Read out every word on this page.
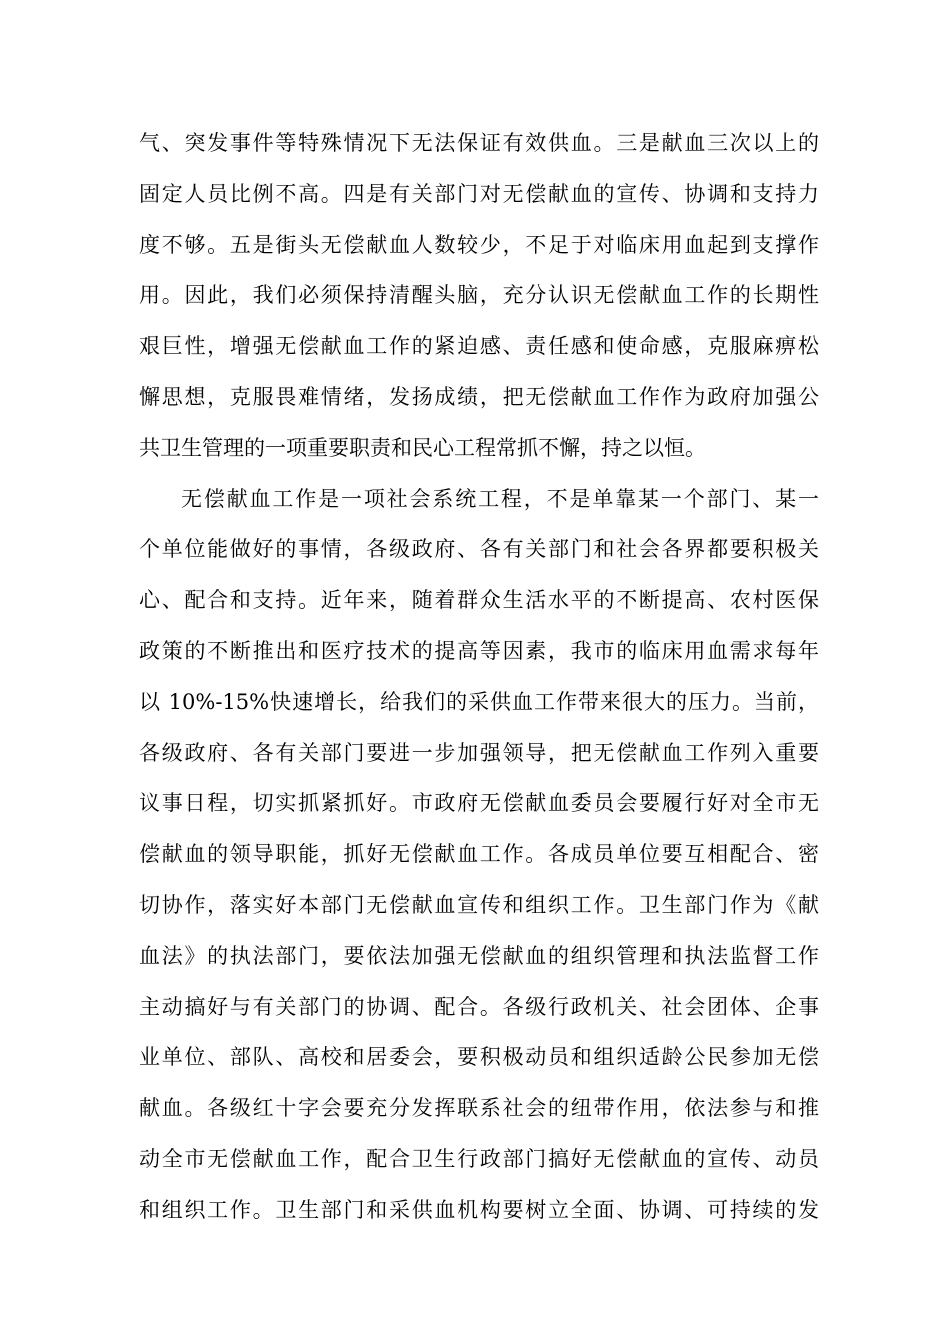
气、突发事件等特殊情况下无法保证有效供血。三是献血三次以上的
固定人员比例不高。四是有关部门对无偿献血的宣传、协调和支持力
度不够。五是街头无偿献血人数较少，不足于对临床用血起到支撑作
用。因此，我们必须保持清醒头脑，充分认识无偿献血工作的长期性
艰巨性，增强无偿献血工作的紧迫感、责任感和使命感，克服麻痹松
懈思想，克服畏难情绪，发扬成绩，把无偿献血工作作为政府加强公
共卫生管理的一项重要职责和民心工程常抓不懈，持之以恒。
无偿献血工作是一项社会系统工程，不是单靠某一个部门、某一
个单位能做好的事情，各级政府、各有关部门和社会各界都要积极关
心、配合和支持。近年来，随着群众生活水平的不断提高、农村医保
政策的不断推出和医疗技术的提高等因素，我市的临床用血需求每年
以 10%-15%快速增长，给我们的采供血工作带来很大的压力。当前，
各级政府、各有关部门要进一步加强领导，把无偿献血工作列入重要
议事日程，切实抓紧抓好。市政府无偿献血委员会要履行好对全市无
偿献血的领导职能，抓好无偿献血工作。各成员单位要互相配合、密
切协作，落实好本部门无偿献血宣传和组织工作。卫生部门作为《献
血法》的执法部门，要依法加强无偿献血的组织管理和执法监督工作
主动搞好与有关部门的协调、配合。各级行政机关、社会团体、企事
业单位、部队、高校和居委会，要积极动员和组织适龄公民参加无偿
献血。各级红十字会要充分发挥联系社会的纽带作用，依法参与和推
动全市无偿献血工作，配合卫生行政部门搞好无偿献血的宣传、动员
和组织工作。卫生部门和采供血机构要树立全面、协调、可持续的发
